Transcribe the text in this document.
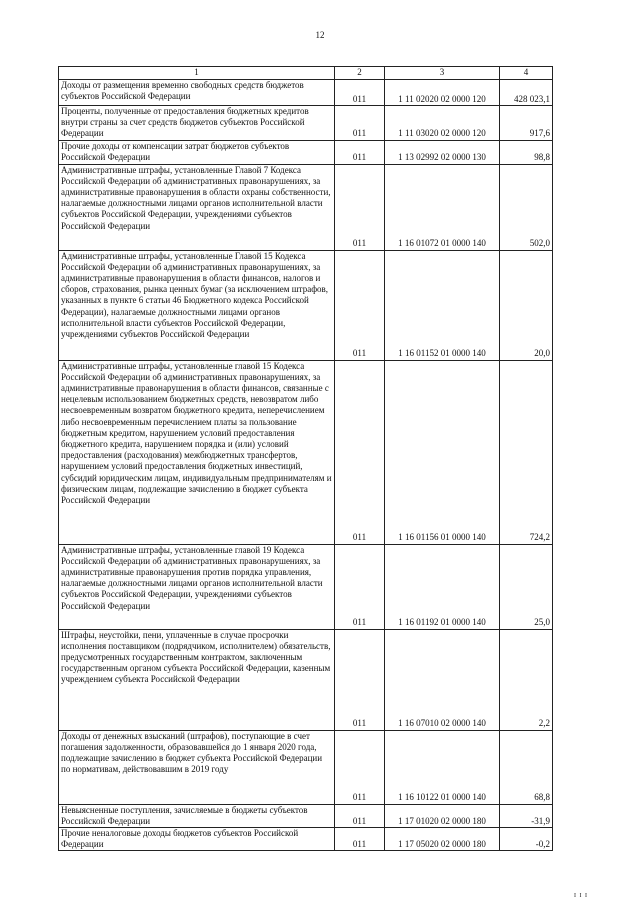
12
1	2	3	4
Доходы от размещения временно свободных средств бюджетов субъектов Российской Федерации	011	1 11 02020 02 0000 120	428 023,1
Проценты, полученные от предоставления бюджетных кредитов внутри страны за счет средств бюджетов субъектов Российской Федерации	011	1 11 03020 02 0000 120	917,6
Прочие доходы от компенсации затрат бюджетов субъектов Российской Федерации	011	1 13 02992 02 0000 130	98,8
Административные штрафы, установленные Главой 7 Кодекса Российской Федерации об административных правонарушениях, за административные правонарушения в области охраны собственности, налагаемые должностными лицами органов исполнительной власти субъектов Российской Федерации, учреждениями субъектов Российской Федерации	011	1 16 01072 01 0000 140	502,0
Административные штрафы, установленные Главой 15 Кодекса Российской Федерации об административных правонарушениях, за административные правонарушения в области финансов, налогов и сборов, страхования, рынка ценных бумаг (за исключением штрафов, указанных в пункте 6 статьи 46 Бюджетного кодекса Российской Федерации), налагаемые должностными лицами органов исполнительной власти субъектов Российской Федерации, учреждениями субъектов Российской Федерации	011	1 16 01152 01 0000 140	20,0
Административные штрафы, установленные главой 15 Кодекса Российской Федерации об административных правонарушениях, за административные правонарушения в области финансов, связанные с нецелевым использованием бюджетных средств, невозвратом либо несвоевременным возвратом бюджетного кредита, неперечислением либо несвоевременным перечислением платы за пользование бюджетным кредитом, нарушением условий предоставления бюджетного кредита, нарушением порядка и (или) условий предоставления (расходования) межбюджетных трансфертов, нарушением условий предоставления бюджетных инвестиций, субсидий юридическим лицам, индивидуальным предпринимателям и физическим лицам, подлежащие зачислению в бюджет субъекта Российской Федерации	011	1 16 01156 01 0000 140	724,2
Административные штрафы, установленные главой 19 Кодекса Российской Федерации об административных правонарушениях, за административные правонарушения против порядка управления, налагаемые должностными лицами органов исполнительной власти субъектов Российской Федерации, учреждениями субъектов Российской Федерации	011	1 16 01192 01 0000 140	25,0
Штрафы, неустойки, пени, уплаченные в случае просрочки исполнения поставщиком (подрядчиком, исполнителем) обязательств, предусмотренных государственным контрактом, заключенным государственным органом субъекта Российской Федерации, казенным учреждением субъекта Российской Федерации	011	1 16 07010 02 0000 140	2,2
Доходы от денежных взысканий (штрафов), поступающие в счет погашения задолженности, образовавшейся до 1 января 2020 года, подлежащие зачислению в бюджет субъекта Российской Федерации по нормативам, действовавшим в 2019 году	011	1 16 10122 01 0000 140	68,8
Невыясненные поступления, зачисляемые в бюджеты субъектов Российской Федерации	011	1 17 01020 02 0000 180	-31,9
Прочие неналоговые доходы бюджетов субъектов Российской Федерации	011	1 17 05020 02 0000 180	-0,2
I I I
